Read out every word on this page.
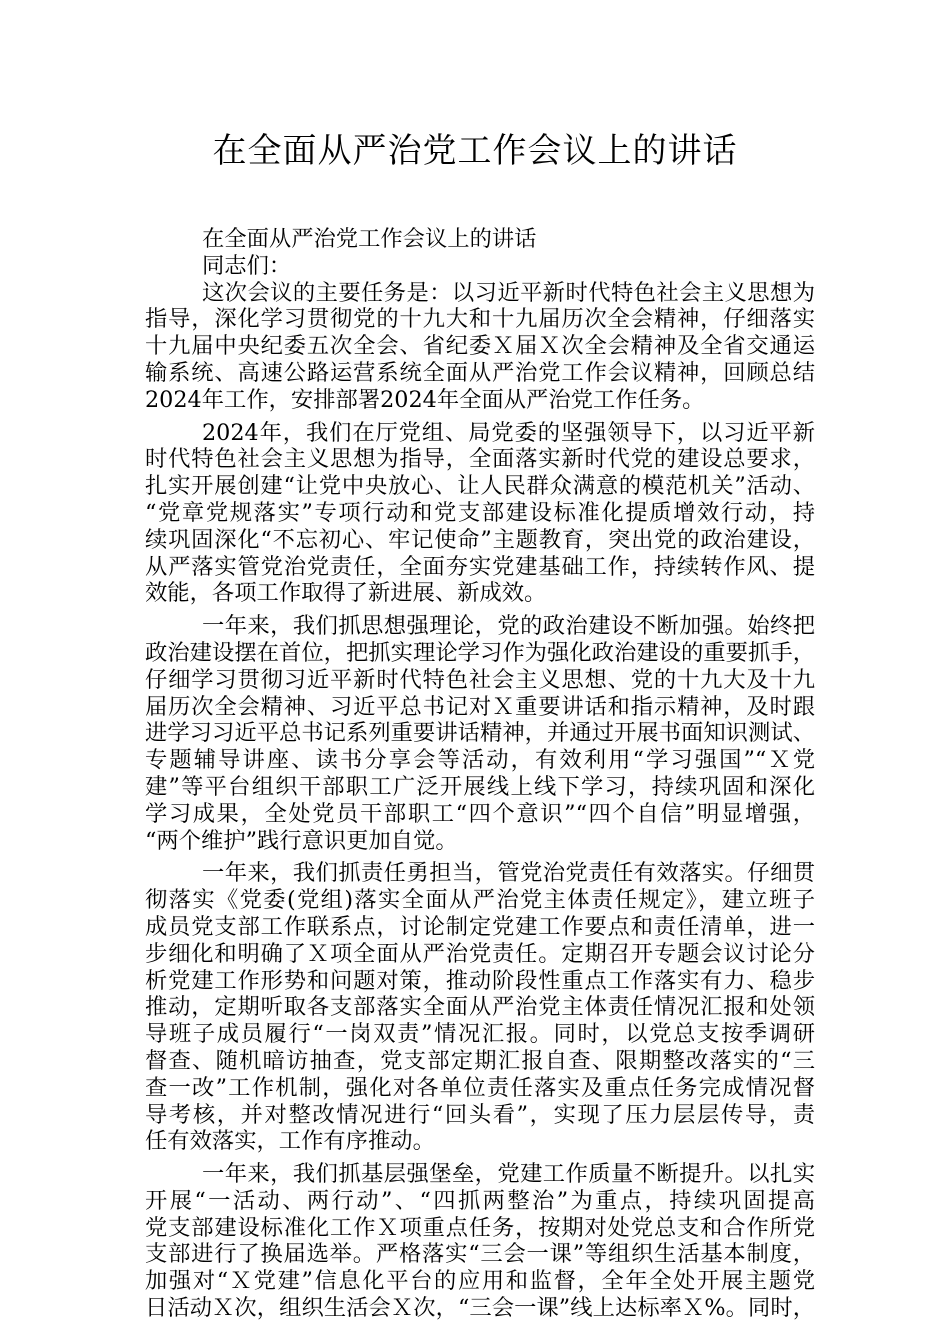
在全面从严治党工作会议上的讲话
在全面从严治党工作会议上的讲话
同志们：
这次会议的主要任务是：以习近平新时代特色社会主义思想为
指导，深化学习贯彻党的十九大和十九届历次全会精神，仔细落实
十九届中央纪委五次全会、省纪委Ｘ届Ｘ次全会精神及全省交通运
输系统、高速公路运营系统全面从严治党工作会议精神，回顾总结
2024年工作，安排部署2024年全面从严治党工作任务。
2024年，我们在厅党组、局党委的坚强领导下，以习近平新
时代特色社会主义思想为指导，全面落实新时代党的建设总要求，
扎实开展创建“让党中央放心、让人民群众满意的模范机关”活动、
“党章党规落实”专项行动和党支部建设标准化提质增效行动，持
续巩固深化“不忘初心、牢记使命”主题教育，突出党的政治建设，
从严落实管党治党责任，全面夯实党建基础工作，持续转作风、提
效能，各项工作取得了新进展、新成效。
一年来，我们抓思想强理论，党的政治建设不断加强。始终把
政治建设摆在首位，把抓实理论学习作为强化政治建设的重要抓手，
仔细学习贯彻习近平新时代特色社会主义思想、党的十九大及十九
届历次全会精神、习近平总书记对Ｘ重要讲话和指示精神，及时跟
进学习习近平总书记系列重要讲话精神，并通过开展书面知识测试、
专题辅导讲座、读书分享会等活动，有效利用“学习强国”“Ｘ党
建”等平台组织干部职工广泛开展线上线下学习，持续巩固和深化
学习成果，全处党员干部职工“四个意识”“四个自信”明显增强，
“两个维护”践行意识更加自觉。
一年来，我们抓责任勇担当，管党治党责任有效落实。仔细贯
彻落实《党委(党组)落实全面从严治党主体责任规定》，建立班子
成员党支部工作联系点，讨论制定党建工作要点和责任清单，进一
步细化和明确了Ｘ项全面从严治党责任。定期召开专题会议讨论分
析党建工作形势和问题对策，推动阶段性重点工作落实有力、稳步
推动，定期听取各支部落实全面从严治党主体责任情况汇报和处领
导班子成员履行“一岗双责”情况汇报。同时，以党总支按季调研
督查、随机暗访抽查，党支部定期汇报自查、限期整改落实的“三
查一改”工作机制，强化对各单位责任落实及重点任务完成情况督
导考核，并对整改情况进行“回头看”，实现了压力层层传导，责
任有效落实，工作有序推动。
一年来，我们抓基层强堡垒，党建工作质量不断提升。以扎实
开展“一活动、两行动”、“四抓两整治”为重点，持续巩固提高
党支部建设标准化工作Ｘ项重点任务，按期对处党总支和合作所党
支部进行了换届选举。严格落实“三会一课”等组织生活基本制度，
加强对“Ｘ党建”信息化平台的应用和监督，全年全处开展主题党
日活动Ｘ次，组织生活会Ｘ次，“三会一课”线上达标率Ｘ%。同时，
